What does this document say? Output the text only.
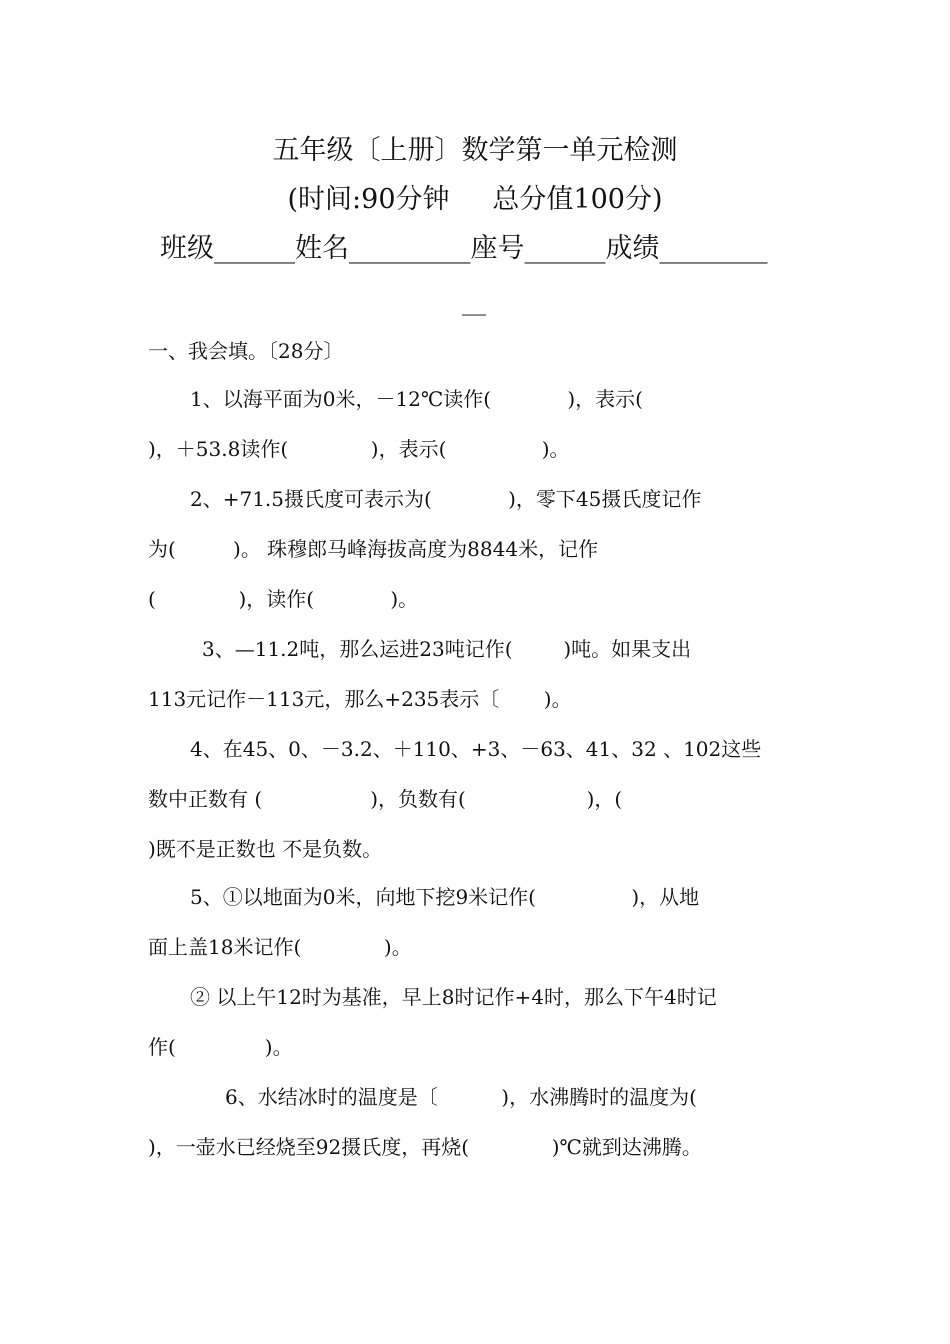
五年级〔上册〕数学第一单元检测
(时间:90分钟     总分值100分)
班级______姓名_________座号______成绩________
__
一、我会填。〔28分〕
1、以海平面为0米，－12℃读作(            )，表示(
)，＋53.8读作(             )，表示(               )。
2、+71.5摄氏度可表示为(            )，零下45摄氏度记作
为(         )。 珠穆郎马峰海拔高度为8844米，记作
(             )，读作(            )。
3、—11.2吨，那么运进23吨记作(        )吨。如果支出
113元记作－113元，那么+235表示〔       )。
4、在45、0、－3.2、＋110、+3、－63、41、32 、102这些
数中正数有 (                 )，负数有(                   )，(
)既不是正数也 不是负数。
5、①以地面为0米，向地下挖9米记作(               )，从地
面上盖18米记作(             )。
② 以上午12时为基准，早上8时记作+4时，那么下午4时记
作(              )。
6、水结冰时的温度是〔          )，水沸腾时的温度为(
)，一壶水已经烧至92摄氏度，再烧(             )℃就到达沸腾。
